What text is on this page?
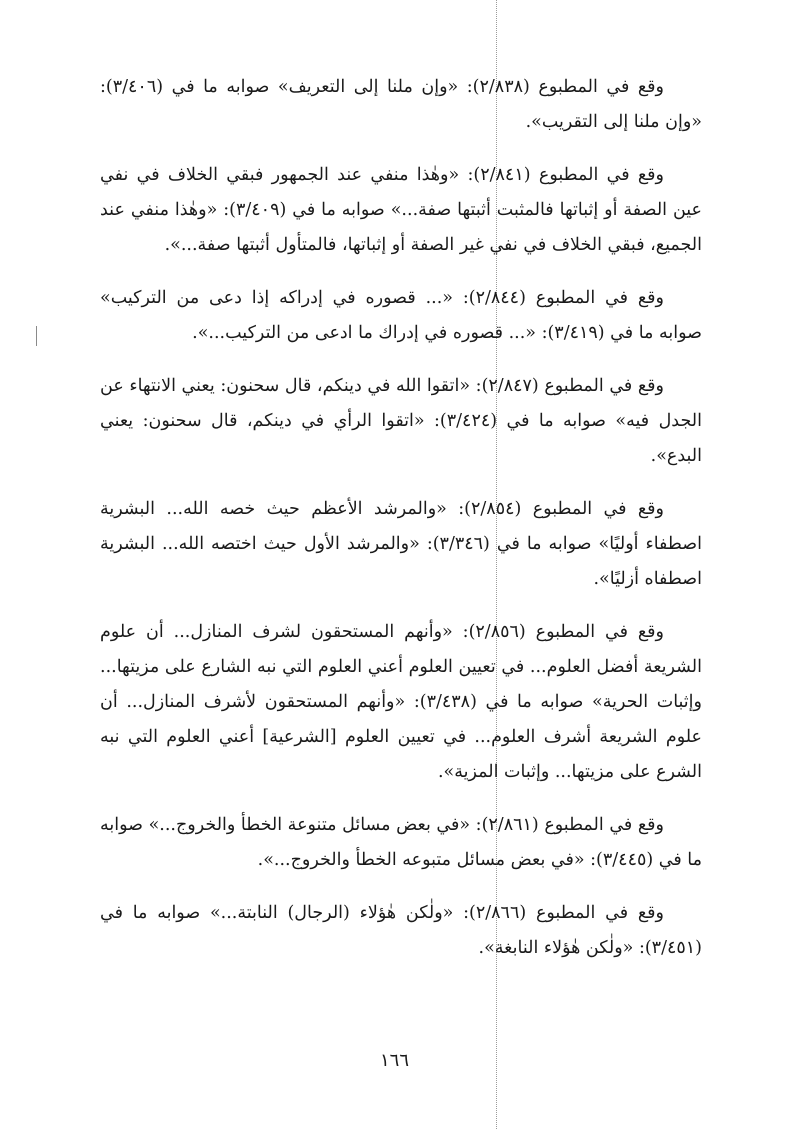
وقع في المطبوع (٢/٨٣٨): «وإن ملنا إلى التعريف» صوابه ما في (٣/٤٠٦): «وإن ملنا إلى التقريب».

وقع في المطبوع (٢/٨٤١): «وهٰذا منفي عند الجمهور فبقي الخلاف في نفي عين الصفة أو إثباتها فالمثبت أثبتها صفة...» صوابه ما في (٣/٤٠٩): «وهٰذا منفي عند الجميع، فبقي الخلاف في نفي غير الصفة أو إثباتها، فالمتأول أثبتها صفة...».

وقع في المطبوع (٢/٨٤٤): «... قصوره في إدراكه إذا دعى من التركيب» صوابه ما في (٣/٤١٩): «... قصوره في إدراك ما ادعى من التركيب...».

وقع في المطبوع (٢/٨٤٧): «اتقوا الله في دينكم، قال سحنون: يعني الانتهاء عن الجدل فيه» صوابه ما في (٣/٤٢٤): «اتقوا الرأي في دينكم، قال سحنون: يعني البدع».

وقع في المطبوع (٢/٨٥٤): «والمرشد الأعظم حيث خصه الله... البشرية اصطفاء أوليًا» صوابه ما في (٣/٣٤٦): «والمرشد الأول حيث اختصه الله... البشرية اصطفاه أزليًا».

وقع في المطبوع (٢/٨٥٦): «وأنهم المستحقون لشرف المنازل... أن علوم الشريعة أفضل العلوم... في تعيين العلوم أعني العلوم التي نبه الشارع على مزيتها... وإثبات الحرية» صوابه ما في (٣/٤٣٨): «وأنهم المستحقون لأشرف المنازل... أن علوم الشريعة أشرف العلوم... في تعيين العلوم [الشرعية] أعني العلوم التي نبه الشرع على مزيتها... وإثبات المزية».

وقع في المطبوع (٢/٨٦١): «في بعض مسائل متنوعة الخطأ والخروج...» صوابه ما في (٣/٤٤٥): «في بعض مسائل متبوعه الخطأ والخروج...».

وقع في المطبوع (٢/٨٦٦): «ولٰكن هٰؤلاء (الرجال) النابتة...» صوابه ما في (٣/٤٥١): «ولٰكن هٰؤلاء النابغة».

١٦٦
